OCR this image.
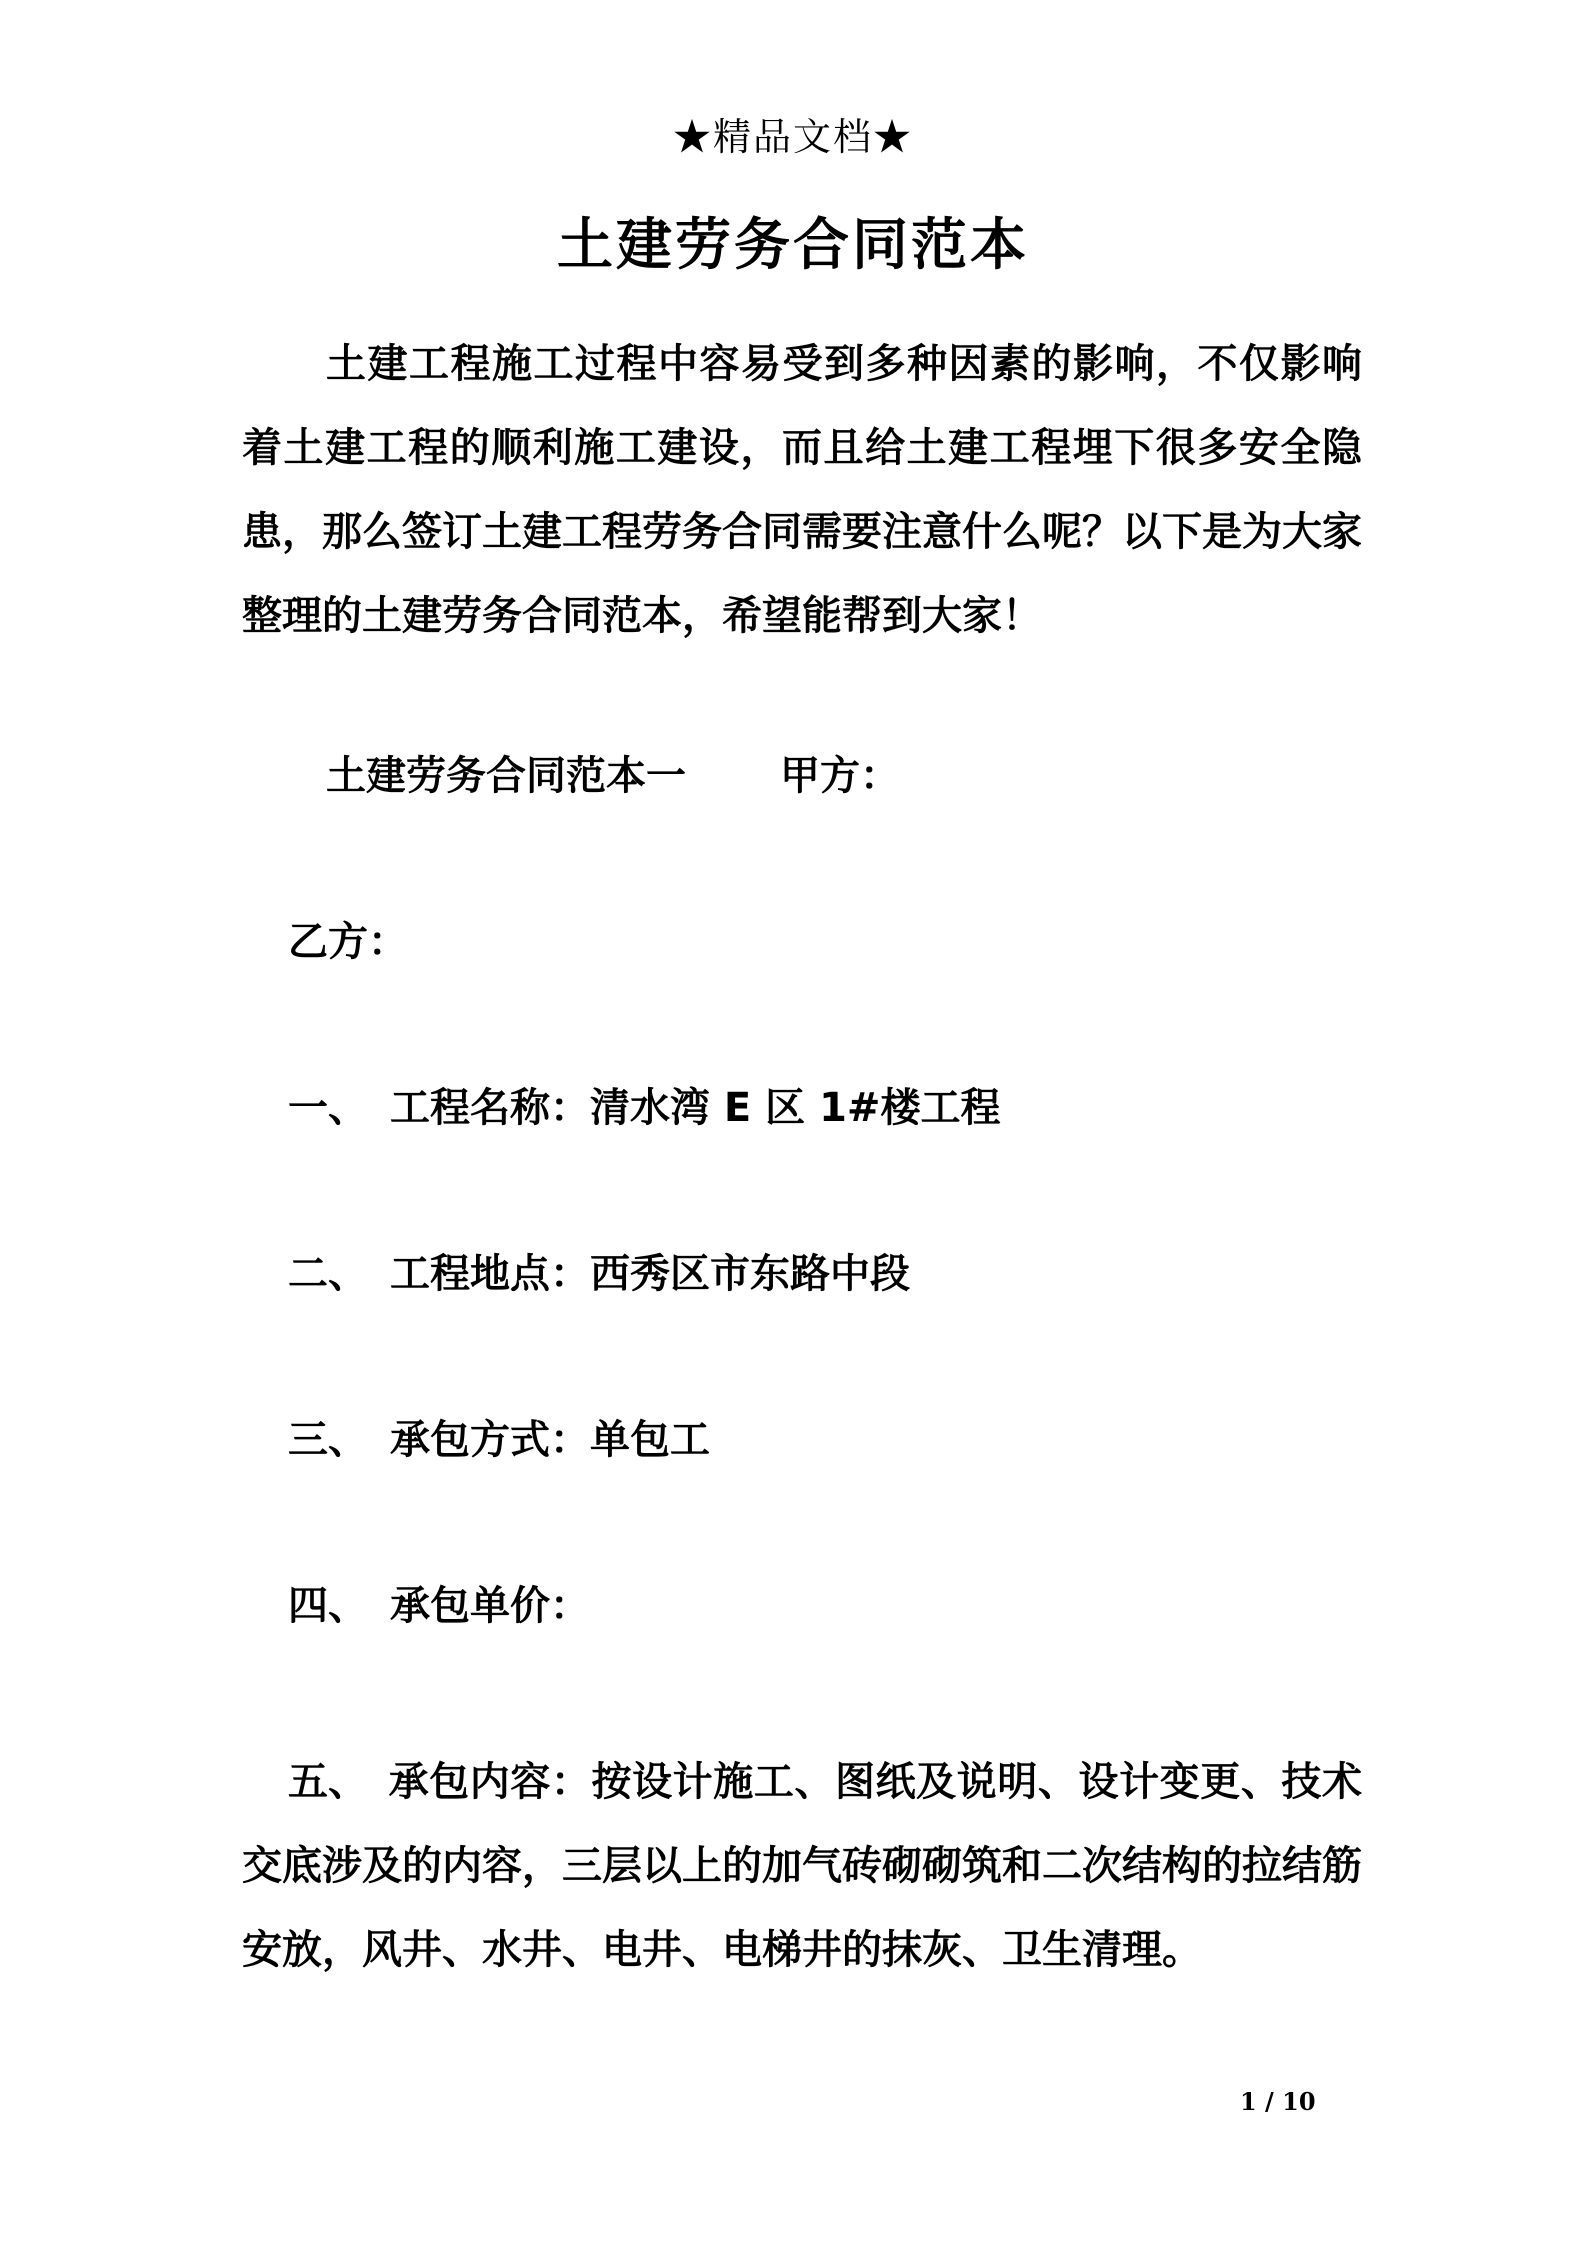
★精品文档★
土建劳务合同范本

土建工程施工过程中容易受到多种因素的影响，不仅影响着土建工程的顺利施工建设，而且给土建工程埋下很多安全隐患，那么签订土建工程劳务合同需要注意什么呢？以下是为大家整理的土建劳务合同范本，希望能帮到大家！

土建劳务合同范本一 甲方：
乙方：
一、 工程名称：清水湾 E 区 1#楼工程
二、 工程地点：西秀区市东路中段
三、 承包方式：单包工
四、 承包单价：

五、 承包内容：按设计施工、图纸及说明、设计变更、技术交底涉及的内容，三层以上的加气砖砌砌筑和二次结构的拉结筋安放，风井、水井、电井、电梯井的抹灰、卫生清理。

1 / 10
